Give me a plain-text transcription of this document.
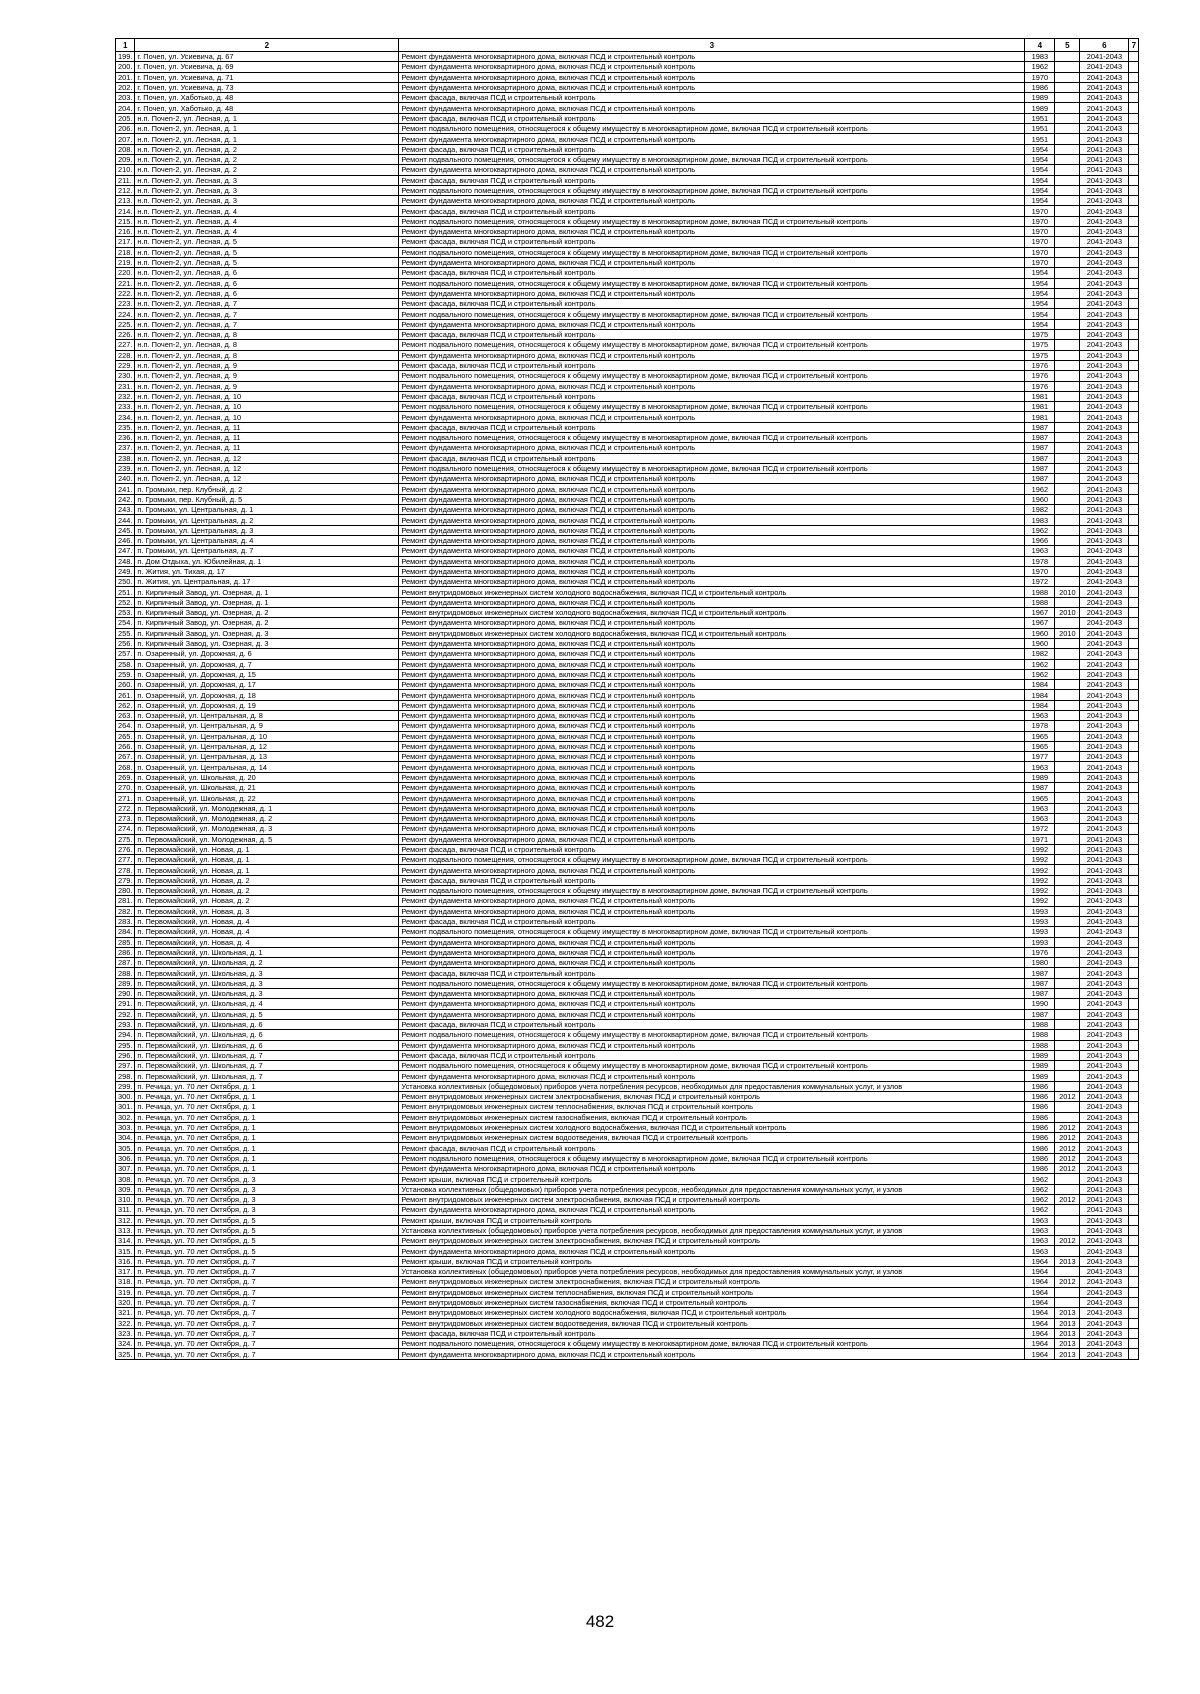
1	2	3	4	5	6	7
199.	г. Почеп, ул. Усиевича, д. 67	Ремонт фундамента многоквартирного дома, включая ПСД и строительный контроль	1983		2041-2043	
200.	г. Почеп, ул. Усиевича, д. 69	Ремонт фундамента многоквартирного дома, включая ПСД и строительный контроль	1962		2041-2043	
201.	г. Почеп, ул. Усиевича, д. 71	Ремонт фундамента многоквартирного дома, включая ПСД и строительный контроль	1970		2041-2043	
202.	г. Почеп, ул. Усиевича, д. 73	Ремонт фундамента многоквартирного дома, включая ПСД и строительный контроль	1986		2041-2043	
203.	г. Почеп, ул. Хаботько, д. 48	Ремонт фасада, включая ПСД и строительный контроль	1989		2041-2043	
204.	г. Почеп, ул. Хаботько, д. 48	Ремонт фундамента многоквартирного дома, включая ПСД и строительный контроль	1989		2041-2043	
205.	н.п. Почеп-2, ул. Лесная, д. 1	Ремонт фасада, включая ПСД и строительный контроль	1951		2041-2043	
206.	н.п. Почеп-2, ул. Лесная, д. 1	Ремонт подвального помещения, относящегося к общему имуществу в многоквартирном доме, включая ПСД и строительный контроль	1951		2041-2043	
207.	н.п. Почеп-2, ул. Лесная, д. 1	Ремонт фундамента многоквартирного дома, включая ПСД и строительный контроль	1951		2041-2043	
208.	н.п. Почеп-2, ул. Лесная, д. 2	Ремонт фасада, включая ПСД и строительный контроль	1954		2041-2043	
209.	н.п. Почеп-2, ул. Лесная, д. 2	Ремонт подвального помещения, относящегося к общему имуществу в многоквартирном доме, включая ПСД и строительный контроль	1954		2041-2043	
210.	н.п. Почеп-2, ул. Лесная, д. 2	Ремонт фундамента многоквартирного дома, включая ПСД и строительный контроль	1954		2041-2043	
211.	н.п. Почеп-2, ул. Лесная, д. 3	Ремонт фасада, включая ПСД и строительный контроль	1954		2041-2043	
212.	н.п. Почеп-2, ул. Лесная, д. 3	Ремонт подвального помещения, относящегося к общему имуществу в многоквартирном доме, включая ПСД и строительный контроль	1954		2041-2043	
213.	н.п. Почеп-2, ул. Лесная, д. 3	Ремонт фундамента многоквартирного дома, включая ПСД и строительный контроль	1954		2041-2043	
214.	н.п. Почеп-2, ул. Лесная, д. 4	Ремонт фасада, включая ПСД и строительный контроль	1970		2041-2043	
215.	н.п. Почеп-2, ул. Лесная, д. 4	Ремонт подвального помещения, относящегося к общему имуществу в многоквартирном доме, включая ПСД и строительный контроль	1970		2041-2043	
216.	н.п. Почеп-2, ул. Лесная, д. 4	Ремонт фундамента многоквартирного дома, включая ПСД и строительный контроль	1970		2041-2043	
217.	н.п. Почеп-2, ул. Лесная, д. 5	Ремонт фасада, включая ПСД и строительный контроль	1970		2041-2043	
218.	н.п. Почеп-2, ул. Лесная, д. 5	Ремонт подвального помещения, относящегося к общему имуществу в многоквартирном доме, включая ПСД и строительный контроль	1970		2041-2043	
219.	н.п. Почеп-2, ул. Лесная, д. 5	Ремонт фундамента многоквартирного дома, включая ПСД и строительный контроль	1970		2041-2043	
220.	н.п. Почеп-2, ул. Лесная, д. 6	Ремонт фасада, включая ПСД и строительный контроль	1954		2041-2043	
221.	н.п. Почеп-2, ул. Лесная, д. 6	Ремонт подвального помещения, относящегося к общему имуществу в многоквартирном доме, включая ПСД и строительный контроль	1954		2041-2043	
222.	н.п. Почеп-2, ул. Лесная, д. 6	Ремонт фундамента многоквартирного дома, включая ПСД и строительный контроль	1954		2041-2043	
223.	н.п. Почеп-2, ул. Лесная, д. 7	Ремонт фасада, включая ПСД и строительный контроль	1954		2041-2043	
224.	н.п. Почеп-2, ул. Лесная, д. 7	Ремонт подвального помещения, относящегося к общему имуществу в многоквартирном доме, включая ПСД и строительный контроль	1954		2041-2043	
225.	н.п. Почеп-2, ул. Лесная, д. 7	Ремонт фундамента многоквартирного дома, включая ПСД и строительный контроль	1954		2041-2043	
226.	н.п. Почеп-2, ул. Лесная, д. 8	Ремонт фасада, включая ПСД и строительный контроль	1975		2041-2043	
227.	н.п. Почеп-2, ул. Лесная, д. 8	Ремонт подвального помещения, относящегося к общему имуществу в многоквартирном доме, включая ПСД и строительный контроль	1975		2041-2043	
228.	н.п. Почеп-2, ул. Лесная, д. 8	Ремонт фундамента многоквартирного дома, включая ПСД и строительный контроль	1975		2041-2043	
229.	н.п. Почеп-2, ул. Лесная, д. 9	Ремонт фасада, включая ПСД и строительный контроль	1976		2041-2043	
230.	н.п. Почеп-2, ул. Лесная, д. 9	Ремонт подвального помещения, относящегося к общему имуществу в многоквартирном доме, включая ПСД и строительный контроль	1976		2041-2043	
231.	н.п. Почеп-2, ул. Лесная, д. 9	Ремонт фундамента многоквартирного дома, включая ПСД и строительный контроль	1976		2041-2043	
232.	н.п. Почеп-2, ул. Лесная, д. 10	Ремонт фасада, включая ПСД и строительный контроль	1981		2041-2043	
233.	н.п. Почеп-2, ул. Лесная, д. 10	Ремонт подвального помещения, относящегося к общему имуществу в многоквартирном доме, включая ПСД и строительный контроль	1981		2041-2043	
234.	н.п. Почеп-2, ул. Лесная, д. 10	Ремонт фундамента многоквартирного дома, включая ПСД и строительный контроль	1981		2041-2043	
235.	н.п. Почеп-2, ул. Лесная, д. 11	Ремонт фасада, включая ПСД и строительный контроль	1987		2041-2043	
236.	н.п. Почеп-2, ул. Лесная, д. 11	Ремонт подвального помещения, относящегося к общему имуществу в многоквартирном доме, включая ПСД и строительный контроль	1987		2041-2043	
237.	н.п. Почеп-2, ул. Лесная, д. 11	Ремонт фундамента многоквартирного дома, включая ПСД и строительный контроль	1987		2041-2043	
238.	н.п. Почеп-2, ул. Лесная, д. 12	Ремонт фасада, включая ПСД и строительный контроль	1987		2041-2043	
239.	н.п. Почеп-2, ул. Лесная, д. 12	Ремонт подвального помещения, относящегося к общему имуществу в многоквартирном доме, включая ПСД и строительный контроль	1987		2041-2043	
240.	н.п. Почеп-2, ул. Лесная, д. 12	Ремонт фундамента многоквартирного дома, включая ПСД и строительный контроль	1987		2041-2043	
241.	п. Громыки, пер. Клубный, д. 2	Ремонт фундамента многоквартирного дома, включая ПСД и строительный контроль	1962		2041-2043	
242.	п. Громыки, пер. Клубный, д. 5	Ремонт фундамента многоквартирного дома, включая ПСД и строительный контроль	1960		2041-2043	
243.	п. Громыки, ул. Центральная, д. 1	Ремонт фундамента многоквартирного дома, включая ПСД и строительный контроль	1982		2041-2043	
244.	п. Громыки, ул. Центральная, д. 2	Ремонт фундамента многоквартирного дома, включая ПСД и строительный контроль	1983		2041-2043	
245.	п. Громыки, ул. Центральная, д. 3	Ремонт фундамента многоквартирного дома, включая ПСД и строительный контроль	1962		2041-2043	
246.	п. Громыки, ул. Центральная, д. 4	Ремонт фундамента многоквартирного дома, включая ПСД и строительный контроль	1966		2041-2043	
247.	п. Громыки, ул. Центральная, д. 7	Ремонт фундамента многоквартирного дома, включая ПСД и строительный контроль	1963		2041-2043	
248.	п. Дом Отдыха, ул. Юбилейная, д. 1	Ремонт фундамента многоквартирного дома, включая ПСД и строительный контроль	1978		2041-2043	
249.	п. Жития, ул. Тихая, д. 17	Ремонт фундамента многоквартирного дома, включая ПСД и строительный контроль	1970		2041-2043	
250.	п. Жития, ул. Центральная, д. 17	Ремонт фундамента многоквартирного дома, включая ПСД и строительный контроль	1972		2041-2043	
251.	п. Кирпичный Завод, ул. Озерная, д. 1	Ремонт внутридомовых инженерных систем холодного водоснабжения, включая ПСД и строительный контроль	1988	2010	2041-2043	
252.	п. Кирпичный Завод, ул. Озерная, д. 1	Ремонт фундамента многоквартирного дома, включая ПСД и строительный контроль	1988		2041-2043	
253.	п. Кирпичный Завод, ул. Озерная, д. 2	Ремонт внутридомовых инженерных систем холодного водоснабжения, включая ПСД и строительный контроль	1967	2010	2041-2043	
254.	п. Кирпичный Завод, ул. Озерная, д. 2	Ремонт фундамента многоквартирного дома, включая ПСД и строительный контроль	1967		2041-2043	
255.	п. Кирпичный Завод, ул. Озерная, д. 3	Ремонт внутридомовых инженерных систем холодного водоснабжения, включая ПСД и строительный контроль	1960	2010	2041-2043	
256.	п. Кирпичный Завод, ул. Озерная, д. 3	Ремонт фундамента многоквартирного дома, включая ПСД и строительный контроль	1960		2041-2043	
257.	п. Озаренный, ул. Дорожная, д. 6	Ремонт фундамента многоквартирного дома, включая ПСД и строительный контроль	1982		2041-2043	
258.	п. Озаренный, ул. Дорожная, д. 7	Ремонт фундамента многоквартирного дома, включая ПСД и строительный контроль	1962		2041-2043	
259.	п. Озаренный, ул. Дорожная, д. 15	Ремонт фундамента многоквартирного дома, включая ПСД и строительный контроль	1962		2041-2043	
260.	п. Озаренный, ул. Дорожная, д. 17	Ремонт фундамента многоквартирного дома, включая ПСД и строительный контроль	1984		2041-2043	
261.	п. Озаренный, ул. Дорожная, д. 18	Ремонт фундамента многоквартирного дома, включая ПСД и строительный контроль	1984		2041-2043	
262.	п. Озаренный, ул. Дорожная, д. 19	Ремонт фундамента многоквартирного дома, включая ПСД и строительный контроль	1984		2041-2043	
263.	п. Озаренный, ул. Центральная, д. 8	Ремонт фундамента многоквартирного дома, включая ПСД и строительный контроль	1963		2041-2043	
264.	п. Озаренный, ул. Центральная, д. 9	Ремонт фундамента многоквартирного дома, включая ПСД и строительный контроль	1978		2041-2043	
265.	п. Озаренный, ул. Центральная, д. 10	Ремонт фундамента многоквартирного дома, включая ПСД и строительный контроль	1965		2041-2043	
266.	п. Озаренный, ул. Центральная, д. 12	Ремонт фундамента многоквартирного дома, включая ПСД и строительный контроль	1965		2041-2043	
267.	п. Озаренный, ул. Центральная, д. 13	Ремонт фундамента многоквартирного дома, включая ПСД и строительный контроль	1977		2041-2043	
268.	п. Озаренный, ул. Центральная, д. 14	Ремонт фундамента многоквартирного дома, включая ПСД и строительный контроль	1963		2041-2043	
269.	п. Озаренный, ул. Школьная, д. 20	Ремонт фундамента многоквартирного дома, включая ПСД и строительный контроль	1989		2041-2043	
270.	п. Озаренный, ул. Школьная, д. 21	Ремонт фундамента многоквартирного дома, включая ПСД и строительный контроль	1987		2041-2043	
271.	п. Озаренный, ул. Школьная, д. 22	Ремонт фундамента многоквартирного дома, включая ПСД и строительный контроль	1965		2041-2043	
272.	п. Первомайский, ул. Молодежная, д. 1	Ремонт фундамента многоквартирного дома, включая ПСД и строительный контроль	1963		2041-2043	
273.	п. Первомайский, ул. Молодежная, д. 2	Ремонт фундамента многоквартирного дома, включая ПСД и строительный контроль	1963		2041-2043	
274.	п. Первомайский, ул. Молодежная, д. 3	Ремонт фундамента многоквартирного дома, включая ПСД и строительный контроль	1972		2041-2043	
275.	п. Первомайский, ул. Молодежная, д. 5	Ремонт фундамента многоквартирного дома, включая ПСД и строительный контроль	1971		2041-2043	
276.	п. Первомайский, ул. Новая, д. 1	Ремонт фасада, включая ПСД и строительный контроль	1992		2041-2043	
277.	п. Первомайский, ул. Новая, д. 1	Ремонт подвального помещения, относящегося к общему имуществу в многоквартирном доме, включая ПСД и строительный контроль	1992		2041-2043	
278.	п. Первомайский, ул. Новая, д. 1	Ремонт фундамента многоквартирного дома, включая ПСД и строительный контроль	1992		2041-2043	
279.	п. Первомайский, ул. Новая, д. 2	Ремонт фасада, включая ПСД и строительный контроль	1992		2041-2043	
280.	п. Первомайский, ул. Новая, д. 2	Ремонт подвального помещения, относящегося к общему имуществу в многоквартирном доме, включая ПСД и строительный контроль	1992		2041-2043	
281.	п. Первомайский, ул. Новая, д. 2	Ремонт фундамента многоквартирного дома, включая ПСД и строительный контроль	1992		2041-2043	
282.	п. Первомайский, ул. Новая, д. 3	Ремонт фундамента многоквартирного дома, включая ПСД и строительный контроль	1993		2041-2043	
283.	п. Первомайский, ул. Новая, д. 4	Ремонт фасада, включая ПСД и строительный контроль	1993		2041-2043	
284.	п. Первомайский, ул. Новая, д. 4	Ремонт подвального помещения, относящегося к общему имуществу в многоквартирном доме, включая ПСД и строительный контроль	1993		2041-2043	
285.	п. Первомайский, ул. Новая, д. 4	Ремонт фундамента многоквартирного дома, включая ПСД и строительный контроль	1993		2041-2043	
286.	п. Первомайский, ул. Школьная, д. 1	Ремонт фундамента многоквартирного дома, включая ПСД и строительный контроль	1976		2041-2043	
287.	п. Первомайский, ул. Школьная, д. 2	Ремонт фундамента многоквартирного дома, включая ПСД и строительный контроль	1980		2041-2043	
288.	п. Первомайский, ул. Школьная, д. 3	Ремонт фасада, включая ПСД и строительный контроль	1987		2041-2043	
289.	п. Первомайский, ул. Школьная, д. 3	Ремонт подвального помещения, относящегося к общему имуществу в многоквартирном доме, включая ПСД и строительный контроль	1987		2041-2043	
290.	п. Первомайский, ул. Школьная, д. 3	Ремонт фундамента многоквартирного дома, включая ПСД и строительный контроль	1987		2041-2043	
291.	п. Первомайский, ул. Школьная, д. 4	Ремонт фундамента многоквартирного дома, включая ПСД и строительный контроль	1990		2041-2043	
292.	п. Первомайский, ул. Школьная, д. 5	Ремонт фундамента многоквартирного дома, включая ПСД и строительный контроль	1987		2041-2043	
293.	п. Первомайский, ул. Школьная, д. 6	Ремонт фасада, включая ПСД и строительный контроль	1988		2041-2043	
294.	п. Первомайский, ул. Школьная, д. 6	Ремонт подвального помещения, относящегося к общему имуществу в многоквартирном доме, включая ПСД и строительный контроль	1988		2041-2043	
295.	п. Первомайский, ул. Школьная, д. 6	Ремонт фундамента многоквартирного дома, включая ПСД и строительный контроль	1988		2041-2043	
296.	п. Первомайский, ул. Школьная, д. 7	Ремонт фасада, включая ПСД и строительный контроль	1989		2041-2043	
297.	п. Первомайский, ул. Школьная, д. 7	Ремонт подвального помещения, относящегося к общему имуществу в многоквартирном доме, включая ПСД и строительный контроль	1989		2041-2043	
298.	п. Первомайский, ул. Школьная, д. 7	Ремонт фундамента многоквартирного дома, включая ПСД и строительный контроль	1989		2041-2043	
299.	п. Речица, ул. 70 лет Октября, д. 1	Установка коллективных (общедомовых) приборов учета потребления ресурсов, необходимых для предоставления коммунальных услуг, и узлов	1986		2041-2043	
300.	п. Речица, ул. 70 лет Октября, д. 1	Ремонт внутридомовых инженерных систем электроснабжения, включая ПСД и строительный контроль	1986	2012	2041-2043	
301.	п. Речица, ул. 70 лет Октября, д. 1	Ремонт внутридомовых инженерных систем теплоснабжения, включая ПСД и строительный контроль	1986		2041-2043	
302.	п. Речица, ул. 70 лет Октября, д. 1	Ремонт внутридомовых инженерных систем газоснабжения, включая ПСД и строительный контроль	1986		2041-2043	
303.	п. Речица, ул. 70 лет Октября, д. 1	Ремонт внутридомовых инженерных систем холодного водоснабжения, включая ПСД и строительный контроль	1986	2012	2041-2043	
304.	п. Речица, ул. 70 лет Октября, д. 1	Ремонт внутридомовых инженерных систем водоотведения, включая ПСД и строительный контроль	1986	2012	2041-2043	
305.	п. Речица, ул. 70 лет Октября, д. 1	Ремонт фасада, включая ПСД и строительный контроль	1986	2012	2041-2043	
306.	п. Речица, ул. 70 лет Октября, д. 1	Ремонт подвального помещения, относящегося к общему имуществу в многоквартирном доме, включая ПСД и строительный контроль	1986	2012	2041-2043	
307.	п. Речица, ул. 70 лет Октября, д. 1	Ремонт фундамента многоквартирного дома, включая ПСД и строительный контроль	1986	2012	2041-2043	
308.	п. Речица, ул. 70 лет Октября, д. 3	Ремонт крыши, включая ПСД и строительный контроль	1962		2041-2043	
309.	п. Речица, ул. 70 лет Октября, д. 3	Установка коллективных (общедомовых) приборов учета потребления ресурсов, необходимых для предоставления коммунальных услуг, и узлов	1962		2041-2043	
310.	п. Речица, ул. 70 лет Октября, д. 3	Ремонт внутридомовых инженерных систем электроснабжения, включая ПСД и строительный контроль	1962	2012	2041-2043	
311.	п. Речица, ул. 70 лет Октября, д. 3	Ремонт фундамента многоквартирного дома, включая ПСД и строительный контроль	1962		2041-2043	
312.	п. Речица, ул. 70 лет Октября, д. 5	Ремонт крыши, включая ПСД и строительный контроль	1963		2041-2043	
313.	п. Речица, ул. 70 лет Октября, д. 5	Установка коллективных (общедомовых) приборов учета потребления ресурсов, необходимых для предоставления коммунальных услуг, и узлов	1963		2041-2043	
314.	п. Речица, ул. 70 лет Октября, д. 5	Ремонт внутридомовых инженерных систем электроснабжения, включая ПСД и строительный контроль	1963	2012	2041-2043	
315.	п. Речица, ул. 70 лет Октября, д. 5	Ремонт фундамента многоквартирного дома, включая ПСД и строительный контроль	1963		2041-2043	
316.	п. Речица, ул. 70 лет Октября, д. 7	Ремонт крыши, включая ПСД и строительный контроль	1964	2013	2041-2043	
317.	п. Речица, ул. 70 лет Октября, д. 7	Установка коллективных (общедомовых) приборов учета потребления ресурсов, необходимых для предоставления коммунальных услуг, и узлов	1964		2041-2043	
318.	п. Речица, ул. 70 лет Октября, д. 7	Ремонт внутридомовых инженерных систем электроснабжения, включая ПСД и строительный контроль	1964	2012	2041-2043	
319.	п. Речица, ул. 70 лет Октября, д. 7	Ремонт внутридомовых инженерных систем теплоснабжения, включая ПСД и строительный контроль	1964		2041-2043	
320.	п. Речица, ул. 70 лет Октября, д. 7	Ремонт внутридомовых инженерных систем газоснабжения, включая ПСД и строительный контроль	1964		2041-2043	
321.	п. Речица, ул. 70 лет Октября, д. 7	Ремонт внутридомовых инженерных систем холодного водоснабжения, включая ПСД и строительный контроль	1964	2013	2041-2043	
322.	п. Речица, ул. 70 лет Октября, д. 7	Ремонт внутридомовых инженерных систем водоотведения, включая ПСД и строительный контроль	1964	2013	2041-2043	
323.	п. Речица, ул. 70 лет Октября, д. 7	Ремонт фасада, включая ПСД и строительный контроль	1964	2013	2041-2043	
324.	п. Речица, ул. 70 лет Октября, д. 7	Ремонт подвального помещения, относящегося к общему имуществу в многоквартирном доме, включая ПСД и строительный контроль	1964	2013	2041-2043	
325.	п. Речица, ул. 70 лет Октября, д. 7	Ремонт фундамента многоквартирного дома, включая ПСД и строительный контроль	1964	2013	2041-2043	
482
